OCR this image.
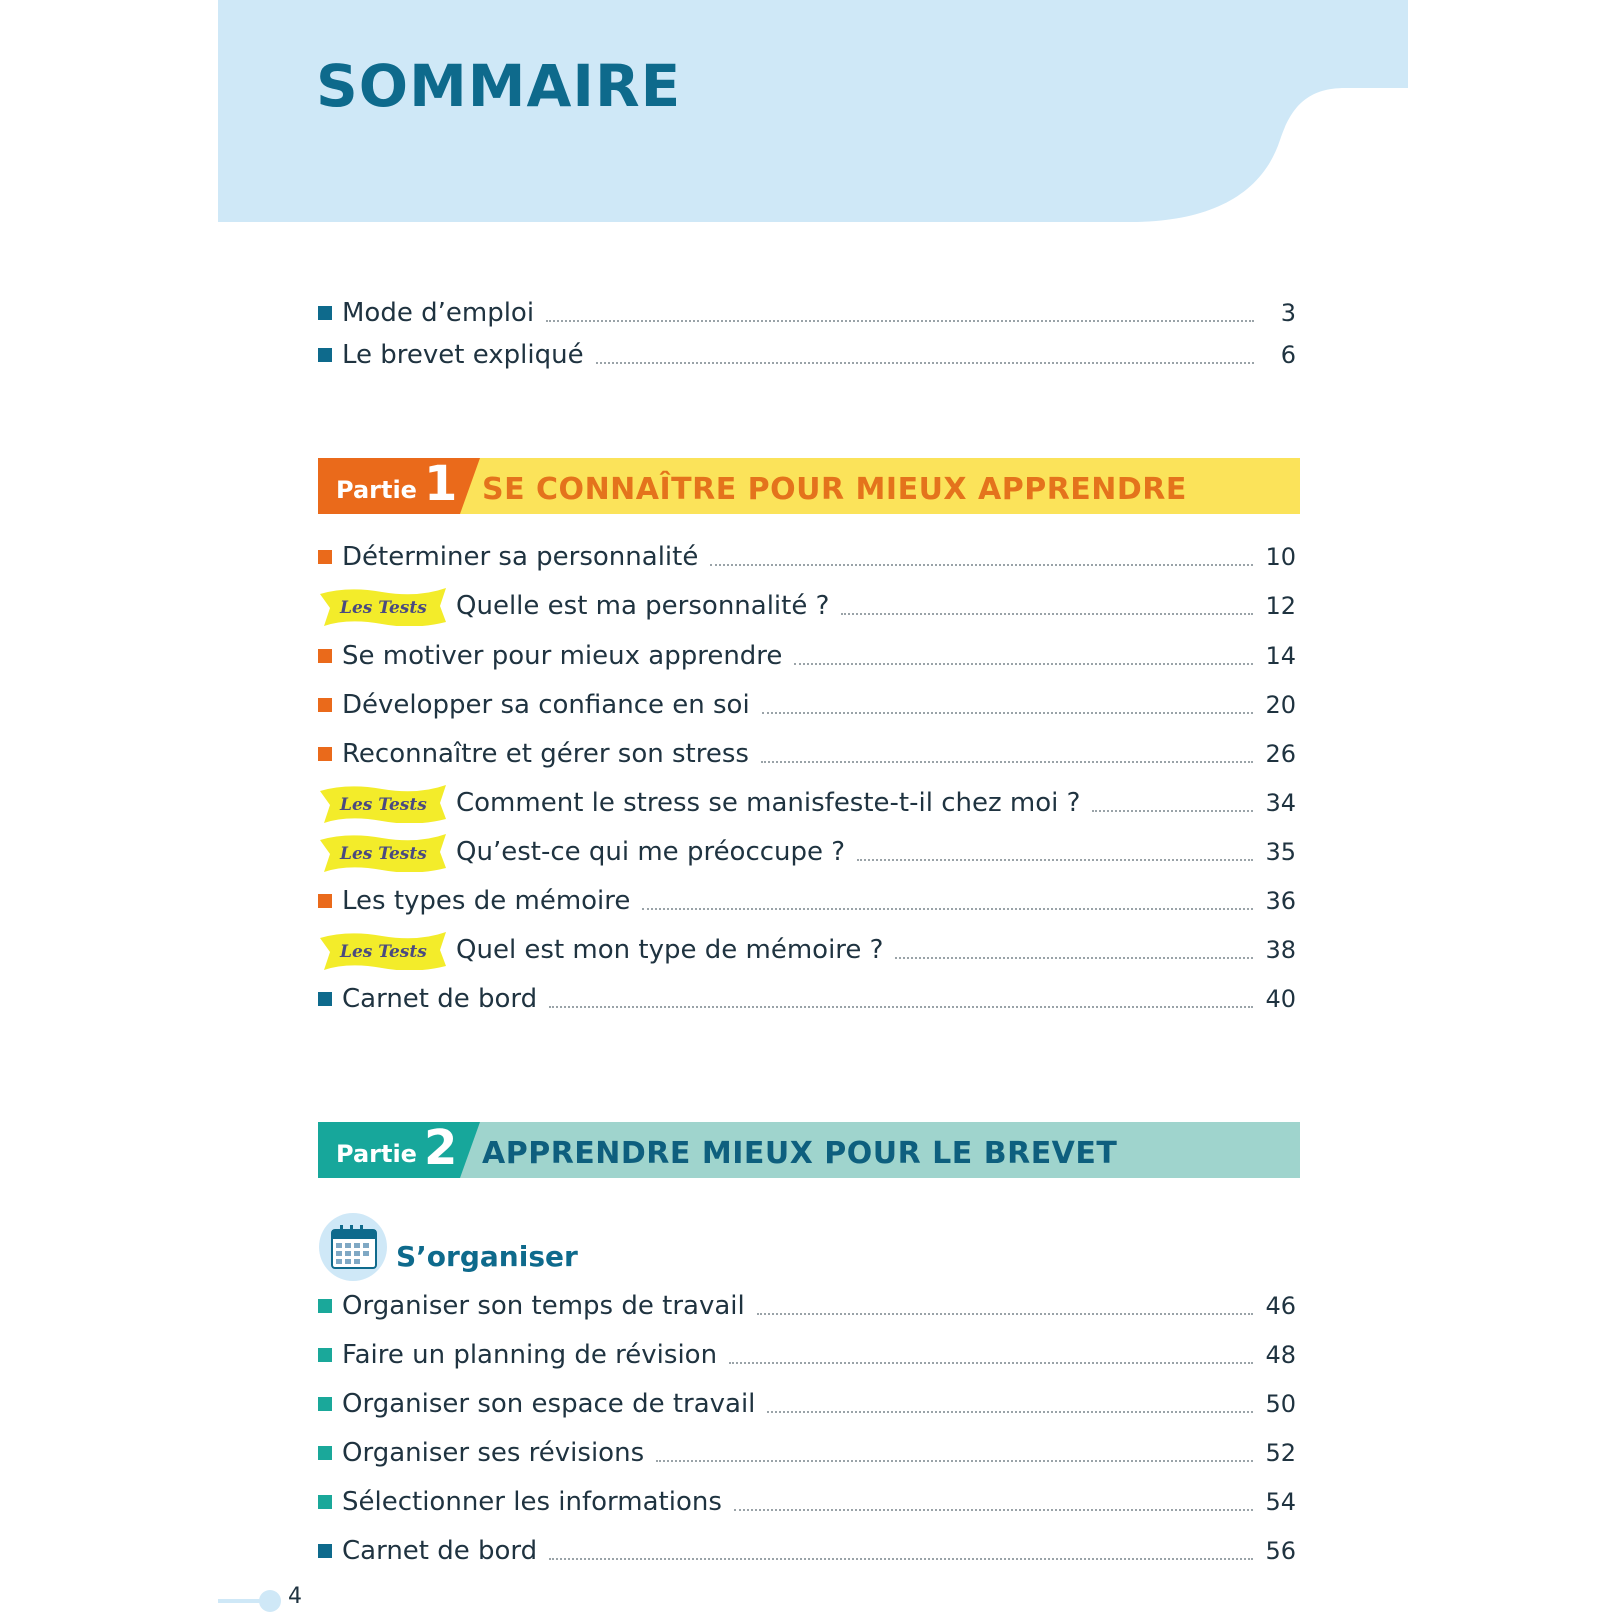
SOMMAIRE
Mode d’emploi	3
Le brevet expliqué	6
Partie 1 SE CONNAÎTRE POUR MIEUX APPRENDRE
Déterminer sa personnalité	10
Les Tests Quelle est ma personnalité ?	12
Se motiver pour mieux apprendre	14
Développer sa confiance en soi	20
Reconnaître et gérer son stress	26
Les Tests Comment le stress se manisfeste-t-il chez moi ?	34
Les Tests Qu’est-ce qui me préoccupe ?	35
Les types de mémoire	36
Les Tests Quel est mon type de mémoire ?	38
Carnet de bord	40
Partie 2 APPRENDRE MIEUX POUR LE BREVET
S’organiser
Organiser son temps de travail	46
Faire un planning de révision	48
Organiser son espace de travail	50
Organiser ses révisions	52
Sélectionner les informations	54
Carnet de bord	56
4
